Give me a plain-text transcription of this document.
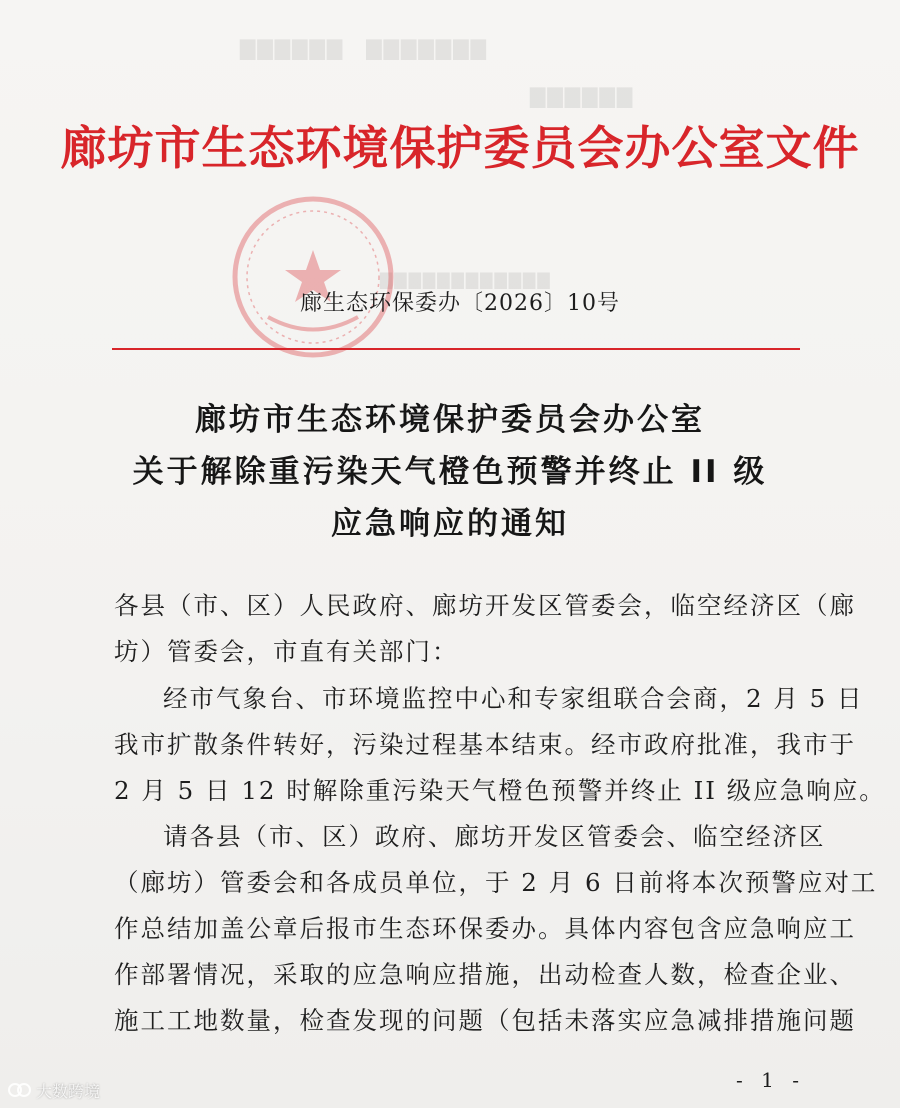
▇▇▇▇▇▇　▇▇▇▇▇▇▇
▇▇▇▇▇▇
▇▇▇▇▇▇▇▇▇▇▇▇
廊坊市生态环境保护委员会办公室文件
廊生态环保委办〔2026〕10号
廊坊市生态环境保护委员会办公室
关于解除重污染天气橙色预警并终止 II 级
应急响应的通知
各县（市、区）人民政府、廊坊开发区管委会，临空经济区（廊
坊）管委会，市直有关部门：
经市气象台、市环境监控中心和专家组联合会商，2 月 5 日
我市扩散条件转好，污染过程基本结束。经市政府批准，我市于
2 月 5 日 12 时解除重污染天气橙色预警并终止 II 级应急响应。
请各县（市、区）政府、廊坊开发区管委会、临空经济区
（廊坊）管委会和各成员单位，于 2 月 6 日前将本次预警应对工
作总结加盖公章后报市生态环保委办。具体内容包含应急响应工
作部署情况，采取的应急响应措施，出动检查人数，检查企业、
施工工地数量，检查发现的问题（包括未落实应急减排措施问题
- 1 -
大数跨境
